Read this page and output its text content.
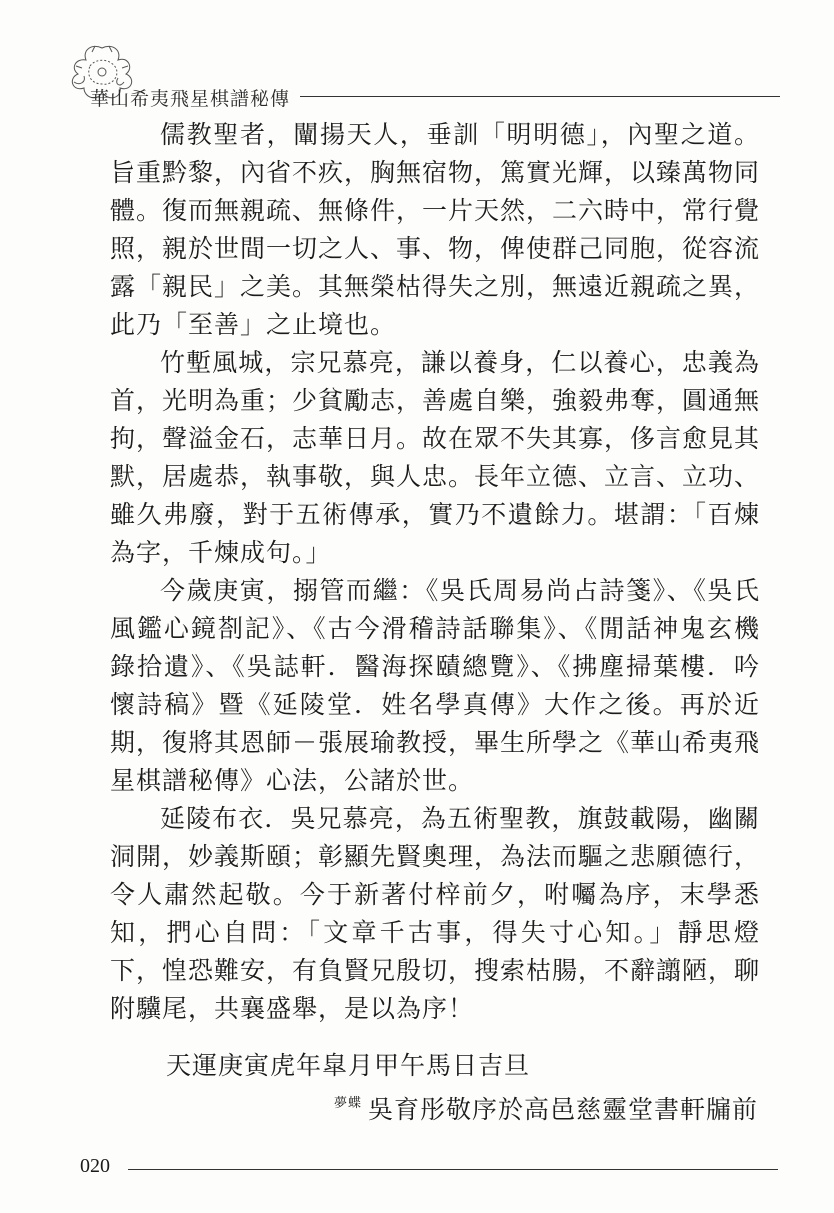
華山希夷飛星棋譜秘傳

儒教聖者，闡揚天人，垂訓「明明德」，內聖之道。旨重黔黎，內省不疚，胸無宿物，篤實光輝，以臻萬物同體。復而無親疏、無條件，一片天然，二六時中，常行覺照，親於世間一切之人、事、物，俾使群己同胞，從容流露「親民」之美。其無榮枯得失之別，無遠近親疏之異，此乃「至善」之止境也。

竹塹風城，宗兄慕亮，謙以養身，仁以養心，忠義為首，光明為重；少貧勵志，善處自樂，強毅弗奪，圓通無拘，聲溢金石，志華日月。故在眾不失其寡，侈言愈見其默，居處恭，執事敬，與人忠。長年立德、立言、立功、雖久弗廢，對于五術傳承，實乃不遺餘力。堪謂：「百煉為字，千煉成句。」

今歲庚寅，搦管而繼：《吳氏周易尚占詩箋》、《吳氏風鑑心鏡剳記》、《古今滑稽詩話聯集》、《閒話神鬼玄機錄拾遺》、《吳誌軒．醫海探賾總覽》、《拂塵掃葉樓．吟懷詩稿》暨《延陵堂．姓名學真傳》大作之後。再於近期，復將其恩師－張展瑜教授，畢生所學之《華山希夷飛星棋譜秘傳》心法，公諸於世。

延陵布衣．吳兄慕亮，為五術聖教，旗鼓載陽，幽關洞開，妙義斯頤；彰顯先賢奧理，為法而驅之悲願德行，令人肅然起敬。今于新著付梓前夕，咐囑為序，末學悉知，捫心自問：「文章千古事，得失寸心知。」靜思燈下，惶恐難安，有負賢兄殷切，搜索枯腸，不辭譾陋，聊附驥尾，共襄盛舉，是以為序！

天運庚寅虎年皐月甲午馬日吉旦
$^{夢蝶}$ 吳育彤敬序於高邑慈靈堂書軒牖前
020
